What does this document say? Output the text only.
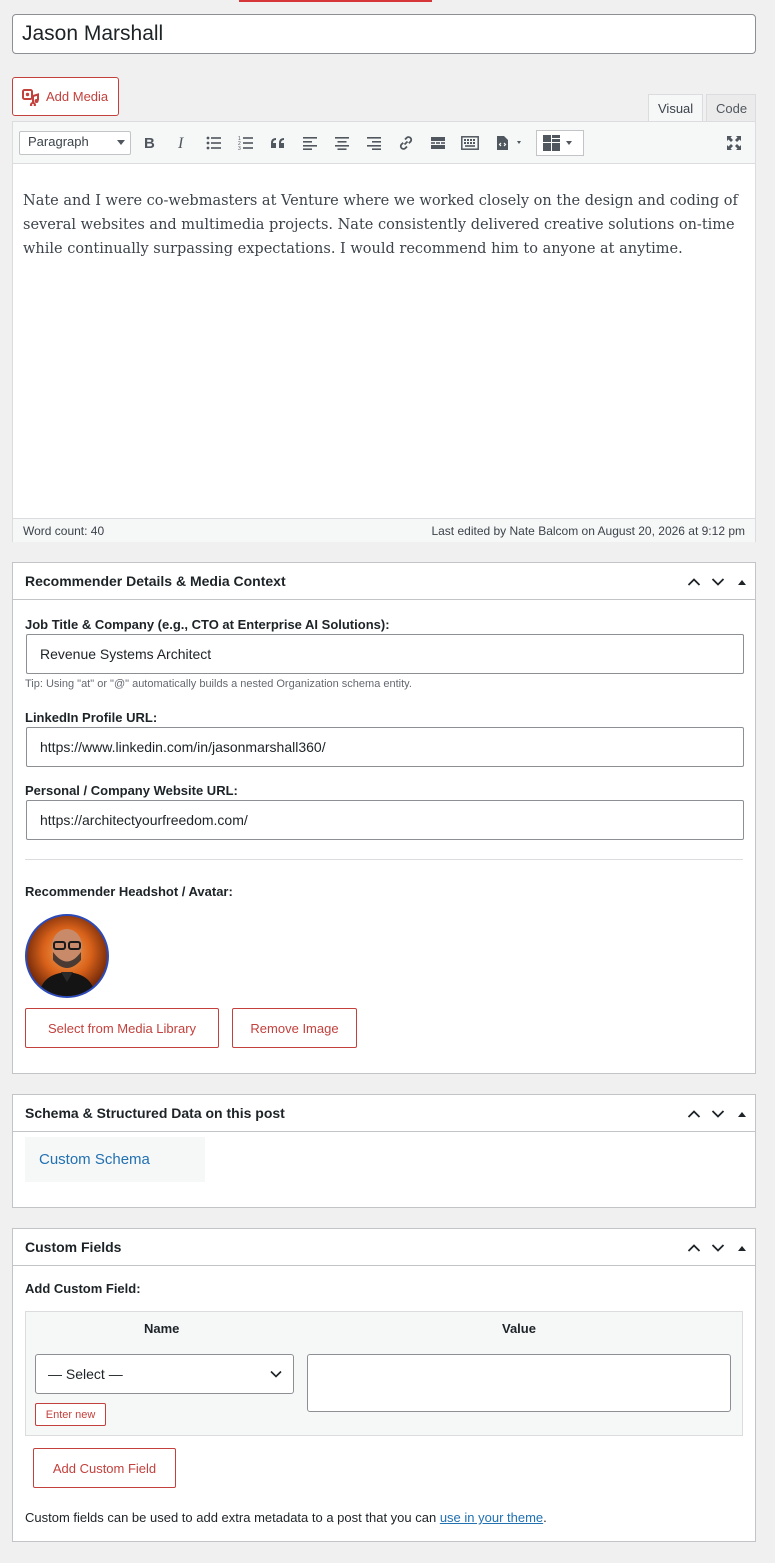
Jason Marshall
Add Media
Visual	Code
Paragraph	B I	1
2
3

Nate and I were co-webmasters at Venture where we worked closely on the design and coding of several websites and multimedia projects. Nate consistently delivered creative solutions on-time while continually surpassing expectations. I would recommend him to anyone at anytime.

Word count: 40	Last edited by Nate Balcom on August 20, 2026 at 9:12 pm
Recommender Details & Media Context
Job Title & Company (e.g., CTO at Enterprise AI Solutions):
Revenue Systems Architect
Tip: Using "at" or "@" automatically builds a nested Organization schema entity.
LinkedIn Profile URL:
https://www.linkedin.com/in/jasonmarshall360/
Personal / Company Website URL:
https://architectyourfreedom.com/
Recommender Headshot / Avatar:
Select from Media Library	Remove Image
Schema & Structured Data on this post
Custom Schema
Custom Fields
Add Custom Field:
Name	Value
— Select —
Enter new
Add Custom Field
Custom fields can be used to add extra metadata to a post that you can use in your theme.
